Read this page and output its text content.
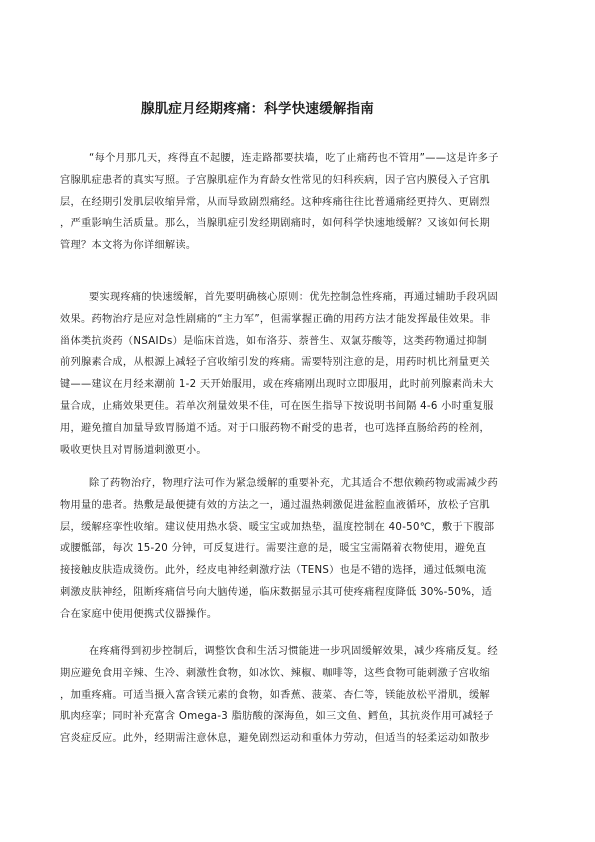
腺肌症月经期疼痛：科学快速缓解指南
“每个月那几天，疼得直不起腰，连走路都要扶墙，吃了止痛药也不管用”——这是许多子
宫腺肌症患者的真实写照。子宫腺肌症作为育龄女性常见的妇科疾病，因子宫内膜侵入子宫肌
层，在经期引发肌层收缩异常，从而导致剧烈痛经。这种疼痛往往比普通痛经更持久、更剧烈
，严重影响生活质量。那么，当腺肌症引发经期剧痛时，如何科学快速地缓解？又该如何长期
管理？本文将为你详细解读。
要实现疼痛的快速缓解，首先要明确核心原则：优先控制急性疼痛，再通过辅助手段巩固
效果。药物治疗是应对急性剧痛的“主力军”，但需掌握正确的用药方法才能发挥最佳效果。非
甾体类抗炎药（NSAIDs）是临床首选，如布洛芬、萘普生、双氯芬酸等，这类药物通过抑制
前列腺素合成，从根源上减轻子宫收缩引发的疼痛。需要特别注意的是，用药时机比剂量更关
键——建议在月经来潮前 1-2 天开始服用，或在疼痛刚出现时立即服用，此时前列腺素尚未大
量合成，止痛效果更佳。若单次剂量效果不佳，可在医生指导下按说明书间隔 4-6 小时重复服
用，避免擅自加量导致胃肠道不适。对于口服药物不耐受的患者，也可选择直肠给药的栓剂，
吸收更快且对胃肠道刺激更小。
除了药物治疗，物理疗法可作为紧急缓解的重要补充，尤其适合不想依赖药物或需减少药
物用量的患者。热敷是最便捷有效的方法之一，通过温热刺激促进盆腔血液循环，放松子宫肌
层，缓解痉挛性收缩。建议使用热水袋、暖宝宝或加热垫，温度控制在 40-50℃，敷于下腹部
或腰骶部，每次 15-20 分钟，可反复进行。需要注意的是，暖宝宝需隔着衣物使用，避免直
接接触皮肤造成烫伤。此外，经皮电神经刺激疗法（TENS）也是不错的选择，通过低频电流
刺激皮肤神经，阻断疼痛信号向大脑传递，临床数据显示其可使疼痛程度降低 30%-50%，适
合在家庭中使用便携式仪器操作。
在疼痛得到初步控制后，调整饮食和生活习惯能进一步巩固缓解效果，减少疼痛反复。经
期应避免食用辛辣、生冷、刺激性食物，如冰饮、辣椒、咖啡等，这些食物可能刺激子宫收缩
，加重疼痛。可适当摄入富含镁元素的食物，如香蕉、菠菜、杏仁等，镁能放松平滑肌，缓解
肌肉痉挛；同时补充富含 Omega-3 脂肪酸的深海鱼，如三文鱼、鳕鱼，其抗炎作用可减轻子
宫炎症反应。此外，经期需注意休息，避免剧烈运动和重体力劳动，但适当的轻柔运动如散步
